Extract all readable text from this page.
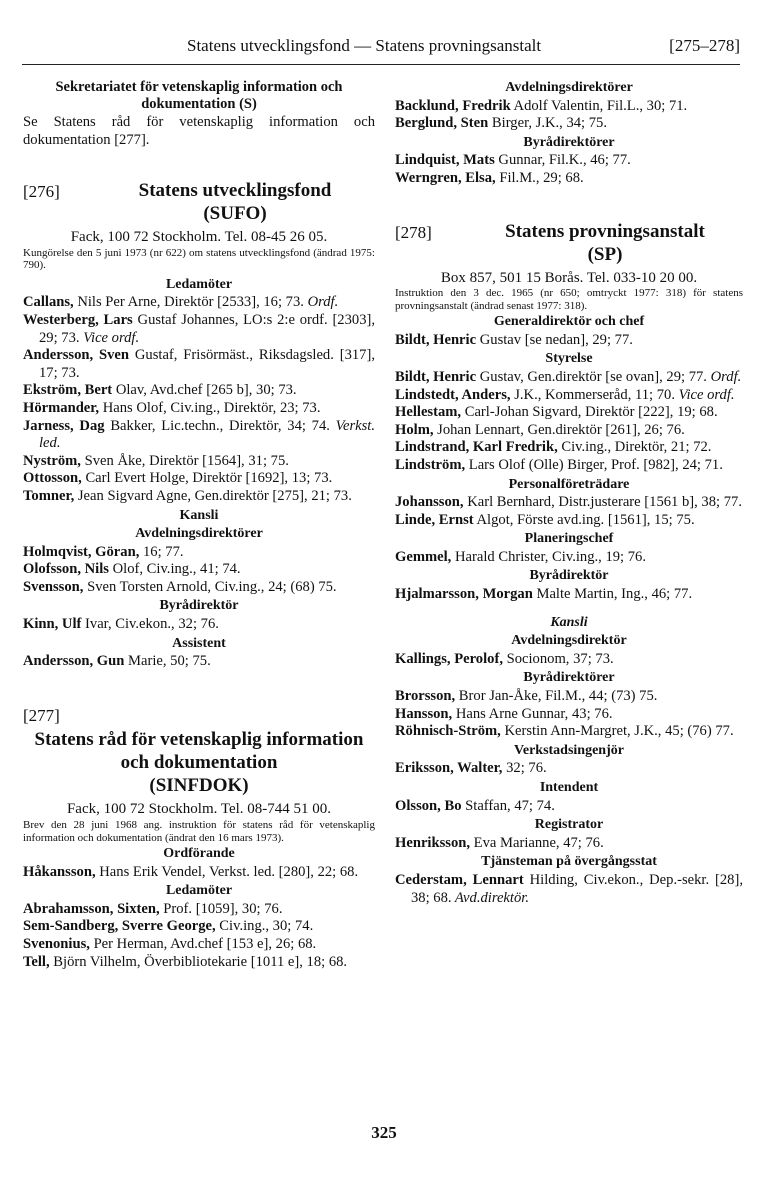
Statens utvecklingsfond — Statens provningsanstalt	[275–278]

Sekretariatet för vetenskaplig information och dokumentation (S)

Se Statens råd för vetenskaplig information och dokumentation [277].

[276]	Statens utvecklingsfond
(SUFO)

Fack, 100 72 Stockholm. Tel. 08-45 26 05.

Kungörelse den 5 juni 1973 (nr 622) om statens utvecklingsfond (ändrad 1975: 790).

Ledamöter

Callans, Nils Per Arne, Direktör [2533], 16; 73. Ordf.

Westerberg, Lars Gustaf Johannes, LO:s 2:e ordf. [2303], 29; 73. Vice ordf.

Andersson, Sven Gustaf, Frisörmäst., Riksdagsled. [317], 17; 73.

Ekström, Bert Olav, Avd.chef [265 b], 30; 73.

Hörmander, Hans Olof, Civ.ing., Direktör, 23; 73.

Jarness, Dag Bakker, Lic.techn., Direktör, 34; 74. Verkst. led.

Nyström, Sven Åke, Direktör [1564], 31; 75.

Ottosson, Carl Evert Holge, Direktör [1692], 13; 73.

Tomner, Jean Sigvard Agne, Gen.direktör [275], 21; 73.

Kansli

Avdelningsdirektörer

Holmqvist, Göran, 16; 77.

Olofsson, Nils Olof, Civ.ing., 41; 74.

Svensson, Sven Torsten Arnold, Civ.ing., 24; (68) 75.

Byrådirektör

Kinn, Ulf Ivar, Civ.ekon., 32; 76.

Assistent

Andersson, Gun Marie, 50; 75.

[277]
Statens råd för vetenskaplig information
och dokumentation
(SINFDOK)

Fack, 100 72 Stockholm. Tel. 08-744 51 00.

Brev den 28 juni 1968 ang. instruktion för statens råd för vetenskaplig information och dokumentation (ändrat den 16 mars 1973).

Ordförande

Håkansson, Hans Erik Vendel, Verkst. led. [280], 22; 68.

Ledamöter

Abrahamsson, Sixten, Prof. [1059], 30; 76.

Sem-Sandberg, Sverre George, Civ.ing., 30; 74.

Svenonius, Per Herman, Avd.chef [153 e], 26; 68.

Tell, Björn Vilhelm, Överbibliotekarie [1011 e], 18; 68.

Avdelningsdirektörer

Backlund, Fredrik Adolf Valentin, Fil.L., 30; 71.

Berglund, Sten Birger, J.K., 34; 75.

Byrådirektörer

Lindquist, Mats Gunnar, Fil.K., 46; 77.

Werngren, Elsa, Fil.M., 29; 68.

[278]	Statens provningsanstalt
(SP)

Box 857, 501 15 Borås. Tel. 033-10 20 00.

Instruktion den 3 dec. 1965 (nr 650; omtryckt 1977: 318) för statens provningsanstalt (ändrad senast 1977: 318).

Generaldirektör och chef

Bildt, Henric Gustav [se nedan], 29; 77.

Styrelse

Bildt, Henric Gustav, Gen.direktör [se ovan], 29; 77. Ordf.

Lindstedt, Anders, J.K., Kommerseråd, 11; 70. Vice ordf.

Hellestam, Carl-Johan Sigvard, Direktör [222], 19; 68.

Holm, Johan Lennart, Gen.direktör [261], 26; 76.

Lindstrand, Karl Fredrik, Civ.ing., Direktör, 21; 72.

Lindström, Lars Olof (Olle) Birger, Prof. [982], 24; 71.

Personalföreträdare

Johansson, Karl Bernhard, Distr.justerare [1561 b], 38; 77.

Linde, Ernst Algot, Förste avd.ing. [1561], 15; 75.

Planeringschef

Gemmel, Harald Christer, Civ.ing., 19; 76.

Byrådirektör

Hjalmarsson, Morgan Malte Martin, Ing., 46; 77.

Kansli

Avdelningsdirektör

Kallings, Perolof, Socionom, 37; 73.

Byrådirektörer

Brorsson, Bror Jan-Åke, Fil.M., 44; (73) 75.

Hansson, Hans Arne Gunnar, 43; 76.

Röhnisch-Ström, Kerstin Ann-Margret, J.K., 45; (76) 77.

Verkstadsingenjör

Eriksson, Walter, 32; 76.

Intendent

Olsson, Bo Staffan, 47; 74.

Registrator

Henriksson, Eva Marianne, 47; 76.

Tjänsteman på övergångsstat

Cederstam, Lennart Hilding, Civ.ekon., Dep.-sekr. [28], 38; 68. Avd.direktör.

325
